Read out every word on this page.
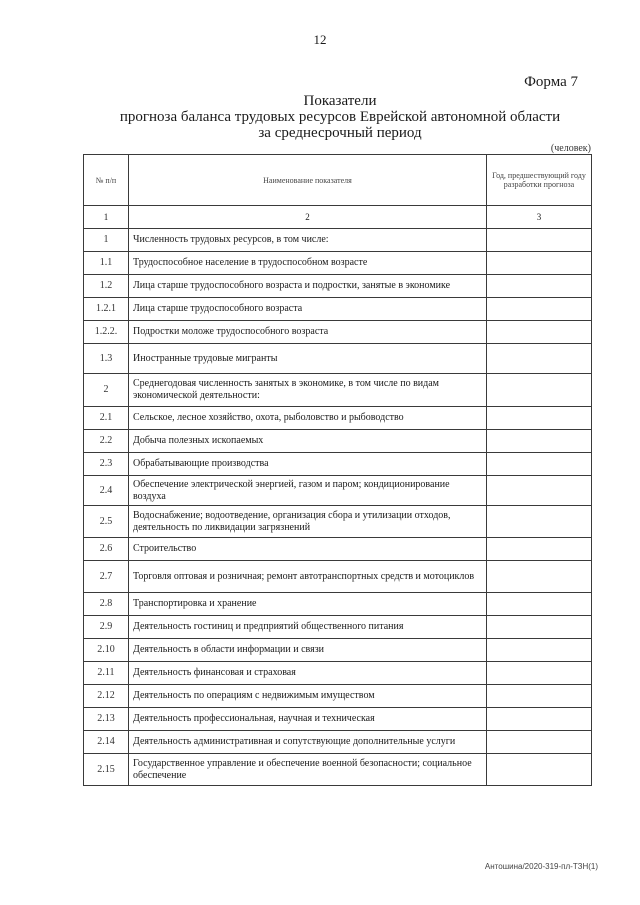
12
Форма 7
Показатели
прогноза баланса трудовых ресурсов Еврейской автономной области
за среднесрочный период
(человек)
№ п/п	Наименование показателя	Год, предшествующий году разработки прогноза
1	2	3
1	Численность трудовых ресурсов, в том числе:	
1.1	Трудоспособное население в трудоспособном возрасте	
1.2	Лица старше трудоспособного возраста и подростки, занятые в экономике	
1.2.1	Лица старше трудоспособного возраста	
1.2.2.	Подростки моложе трудоспособного возраста	
1.3	Иностранные трудовые мигранты	
2	Среднегодовая численность занятых в экономике, в том числе по видам экономической деятельности:	
2.1	Сельское, лесное хозяйство, охота, рыболовство и рыбоводство	
2.2	Добыча полезных ископаемых	
2.3	Обрабатывающие производства	
2.4	Обеспечение электрической энергией, газом и паром; кондиционирование воздуха	
2.5	Водоснабжение; водоотведение, организация сбора и утилизации отходов, деятельность по ликвидации загрязнений	
2.6	Строительство	
2.7	Торговля оптовая и розничная; ремонт автотранспортных средств и мотоциклов	
2.8	Транспортировка и хранение	
2.9	Деятельность гостиниц и предприятий общественного питания	
2.10	Деятельность в области информации и связи	
2.11	Деятельность финансовая и страховая	
2.12	Деятельность по операциям с недвижимым имуществом	
2.13	Деятельность профессиональная, научная и техническая	
2.14	Деятельность административная и сопутствующие дополнительные услуги	
2.15	Государственное управление и обеспечение военной безопасности; социальное обеспечение	
Антошина/2020-319-пл-ТЗН(1)
